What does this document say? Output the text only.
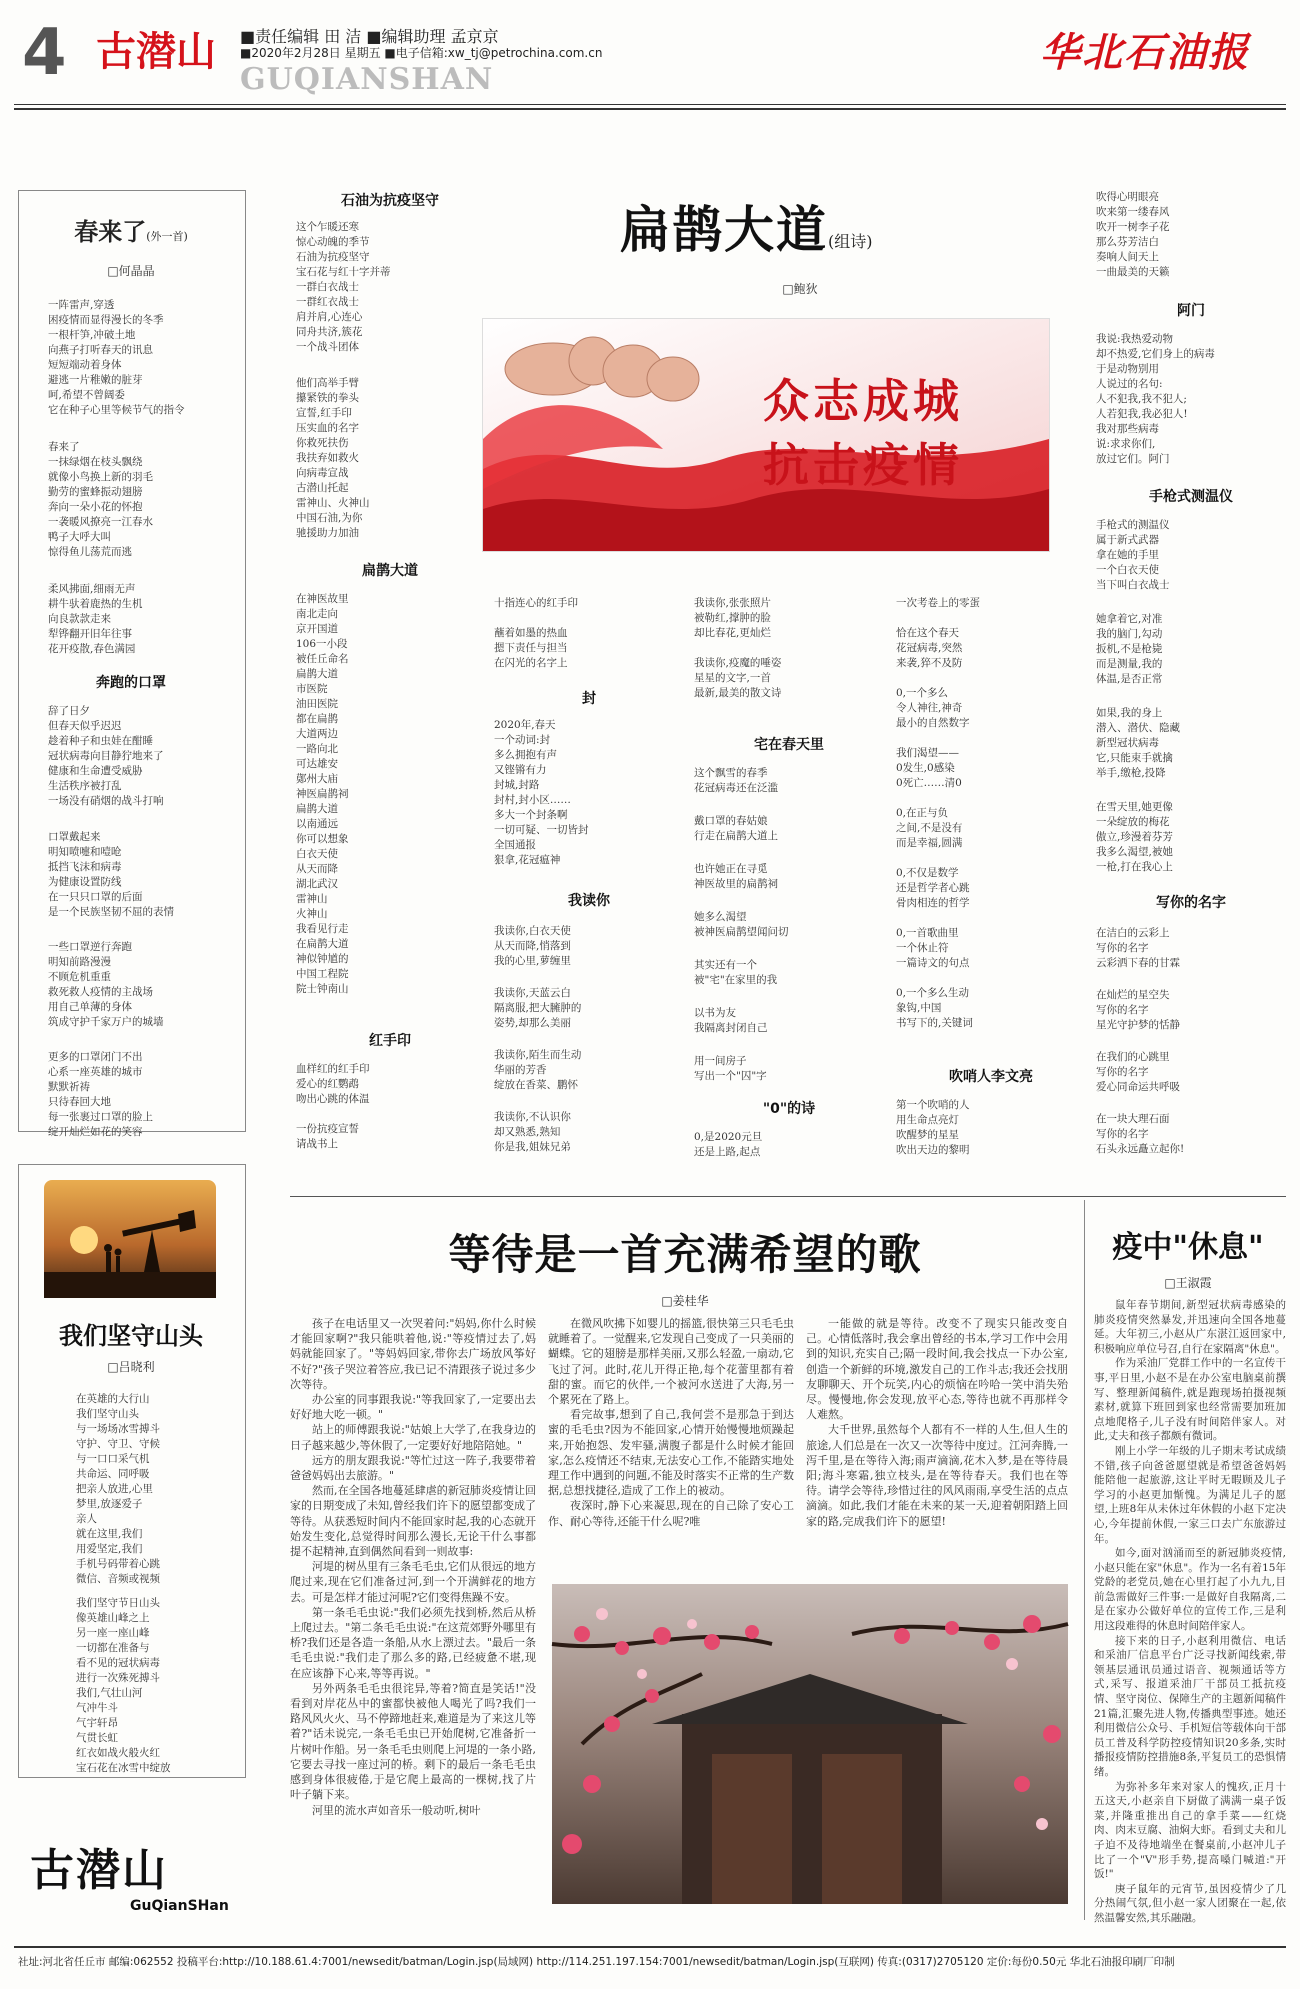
4 古潜山 ■责任编辑 田 洁 ■编辑助理 孟京京
■2020年2月28日 星期五 ■电子信箱:xw_tj@petrochina.com.cn
GUQIANSHAN
华北石油报
春来了(外一首)
□何晶晶
一阵雷声,穿透
困疫情而显得漫长的冬季
一根杆笋,冲破土地
向燕子打听春天的讯息
短短端动着身体
避逃一片稚嫩的脏芽
呵,希望不曾阔委
它在种子心里等候节气的指令
春来了
一抹绿烟在枝头飘绕
就像小鸟换上新的羽毛
勤劳的蜜蜂振动翅膀
奔向一朵小花的怀抱
一袭暖风撩亮一江春水
鸭子大呼大叫
惊得鱼儿荡荒而逃
柔风拂面,细雨无声
耕牛驮着鹿热的生机
向良款款走来
犁铧翻开旧年往事
花开疫散,春色满园
奔跑的口罩
辞了日夕
但春天似乎迟迟
趁着种子和虫娃在酣睡
冠状病毒向目静狞地来了
健康和生命遭受威胁
生活秩序被打乱
一场没有硝烟的战斗打响
口罩戴起来
明知喷嚏和噎呛
抵挡飞沫和病毒
为健康设置防线
在一只只口罩的后面
是一个民族坚韧不屈的表情
一些口罩逆行奔跑
明知前路漫漫
不顾危机重重
救死救人疫情的主战场
用自己单薄的身体
筑成守护千家万户的城墙
更多的口罩闭门不出
心系一座英雄的城市
默默祈祷
只待春回大地
每一张裹过口罩的脸上
绽开灿烂如花的笑容
我们坚守山头
□吕晓利
在英雄的大行山
我们坚守山头
与一场场冰雪搏斗
守护、守卫、守候
与一口口采气机
共命运、同呼吸
把亲人放进,心里
梦里,放逐爱子
亲人
就在这里,我们
用爱坚定,我们
手机号码带着心跳
微信、音频或视频
我们坚守节日山头
像英雄山峰之上
另一座一座山峰
一切都在准备与
看不见的冠状病毒
进行一次殊死搏斗
我们,气壮山河
气冲牛斗
气宇轩昂
气贯长虹
红衣如战火般火红
宝石花在冰雪中绽放
古潜山
GuQianSHan
石油为抗疫坚守
这个乍暖还寒
惊心动魄的季节
石油为抗疫坚守
宝石花与红十字并蒂
一群白衣战士
一群红衣战士
肩并肩,心连心
同舟共济,簇花
一个战斗团体
他们高举手臂
攥紧铁的拳头
宣誓,红手印
压实血的名字
你救死扶伤
我扶弃如救火
向病毒宣战
古潜山托起
雷神山、火神山
中国石油,为你
驰援助力加油
扁鹊大道(组诗)
□鲍狄
众志成城
抗击疫情
扁鹊大道
在神医故里
南北走向
京开国道
106一小段
被任丘命名
扁鹊大道
市医院
油田医院
都在扁鹊
大道两边
一路向北
可达雄安
鄚州大庙
神医扁鹊祠
扁鹊大道
以南通远
你可以想象
白衣天使
从天而降
湖北武汉
雷神山
火神山
我看见行走
在扁鹊大道
神似钟馗的
中国工程院
院士钟南山
红手印
血样红的红手印
爱心的红鹦鹉
吻出心跳的体温

一份抗疫宣誓
请战书上
十指连心的红手印

蘸着如墨的热血
摁下责任与担当
在闪光的名字上
封
2020年,春天
一个动词:封
多么拥抱有声
又铿锵有力
封城,封路
封村,封小区……
多大一个封条啊
一切可疑、一切皆封
全国通报
狠拿,花冠瘟神
我读你
我读你,白衣天使
从天而降,悄落到
我的心里,萝缠里
我读你,天蓝云白
隔离服,把大臃肿的
姿势,却那么美丽
我读你,陌生而生动
华丽的芳香
绽放在香菜、鹏怀
我读你,不认识你
却又熟悉,熟知
你是我,姐妹兄弟
我读你,张张照片
被勒红,撑肿的脸
却比春花,更灿烂

我读你,疫魔的唾姿
星星的文字,一首
最新,最美的散文诗
宅在春天里
这个飘雪的春季
花冠病毒还在泛滥
戴口罩的春姑娘
行走在扁鹊大道上
也许她正在寻觅
神医故里的扁鹊祠
她多么渴望
被神医扁鹊望闻问切
其实还有一个
被"宅"在家里的我
以书为友
我隔离封闭自己
用一间房子
写出一个"囚"字
"0"的诗
0,是2020元旦
还是上路,起点
一次考卷上的零蛋

恰在这个春天
花冠病毒,突然
来袭,猝不及防

0,一个多么
令人神往,神奇
最小的自然数字

我们渴望——
0发生,0感染
0死亡……清0

0,在正与负
之间,不是没有
而是幸福,圆满

0,不仅是数学
还是哲学者心跳
骨肉相连的哲学

0,一首歌曲里
一个休止符
一篇诗文的句点

0,一个多么生动
象钩,中国
书写下的,关键词
吹哨人李文亮
第一个吹哨的人
用生命点亮灯
吹醒梦的星星
吹出天边的黎明
吹得心明眼亮
吹来第一缕春风
吹开一树李子花
那么芬芳洁白
奏响人间天上
一曲最美的天籁
阿门
我说:我热爱动物
却不热爱,它们身上的病毒
于是动物别用
人说过的名句:
人不犯我,我不犯人;
人若犯我,我必犯人!
我对那些病毒
说:求求你们,
放过它们。阿门
手枪式测温仪
手枪式的测温仪
属于新式武器
拿在她的手里
一个白衣天使
当下叫白衣战士
她拿着它,对准
我的脑门,勾动
扳机,不是枪毙
而是测量,我的
体温,是否正常
如果,我的身上
潜入、潜伏、隐藏
新型冠状病毒
它,只能束手就擒
举手,缴枪,投降
在雪天里,她更像
一朵绽放的梅花
傲立,珍漫着芬芳
我多么渴望,被她
一枪,打在我心上
写你的名字
在洁白的云彩上
写你的名字
云彩洒下春的甘霖
在灿烂的星空失
写你的名字
星光守护梦的恬静
在我们的心跳里
写你的名字
爱心同命运共呼吸
在一块大理石面
写你的名字
石头永远矗立起你!
等待是一首充满希望的歌
□姜桂华

孩子在电话里又一次哭着问:"妈妈,你什么时候才能回家啊?"我只能哄着他,说:"等疫情过去了,妈妈就能回家了。"等妈妈回家,带你去广场放风筝好不好?"孩子哭泣着答应,我已记不清跟孩子说过多少次等待。

办公室的同事跟我说:"等我回家了,一定要出去好好地大吃一顿。"

站上的师傅跟我说:"姑娘上大学了,在我身边的日子越来越少,等休假了,一定要好好地陪陪她。"

远方的朋友跟我说:"等忙过这一阵子,我要带着爸爸妈妈出去旅游。"

然而,在全国各地蔓延肆虐的新冠肺炎疫情让回家的日期变成了未知,曾经我们许下的愿望都变成了等待。从获悉短时间内不能回家时起,我的心态就开始发生变化,总觉得时间那么漫长,无论干什么事都提不起精神,直到偶然间看到一则故事:

河堤的树丛里有三条毛毛虫,它们从很远的地方爬过来,现在它们准备过河,到一个开满鲜花的地方去。可是怎样才能过河呢?它们变得焦躁不安。

第一条毛毛虫说:"我们必须先找到桥,然后从桥上爬过去。"第二条毛毛虫说:"在这荒郊野外哪里有桥?我们还是各造一条船,从水上漂过去。"最后一条毛毛虫说:"我们走了那么多的路,已经疲惫不堪,现在应该静下心来,等等再说。"

另外两条毛毛虫很诧异,等着?简直是笑话!"没看到对岸花丛中的蜜都快被他人喝光了吗?我们一路风风火火、马不停蹄地赶来,难道是为了来这儿等着?"话未说完,一条毛毛虫已开始爬树,它准备折一片树叶作船。另一条毛毛虫则爬上河堤的一条小路,它要去寻找一座过河的桥。剩下的最后一条毛毛虫感到身体很疲倦,于是它爬上最高的一棵树,找了片叶子躺下来。

河里的流水声如音乐一般动听,树叶

在微风吹拂下如婴儿的摇篮,很快第三只毛毛虫就睡着了。一觉醒来,它发现自己变成了一只美丽的蝴蝶。它的翅膀是那样美丽,又那么轻盈,一扇动,它飞过了河。此时,花儿开得正艳,每个花蕾里都有着甜的蜜。而它的伙伴,一个被河水送进了大海,另一个累死在了路上。

看完故事,想到了自己,我何尝不是那急于到达蜜的毛毛虫?因为不能回家,心情开始慢慢地烦躁起来,开始抱怨、发牢骚,满腹子都是什么时候才能回家,怎么疫情还不结束,无法安心工作,不能踏实地处理工作中遇到的问题,不能及时落实不正常的生产数据,总想找捷径,造成了工作上的被动。

夜深时,静下心来凝思,现在的自己除了安心工作、耐心等待,还能干什么呢?唯

一能做的就是等待。改变不了现实只能改变自己。心情低落时,我会拿出曾经的书本,学习工作中会用到的知识,充实自己;隔一段时间,我会找点一下办公室,创造一个新鲜的环境,激发自己的工作斗志;我还会找朋友聊聊天、开个玩笑,内心的烦恼在吟哈一笑中消失殆尽。慢慢地,你会发现,放平心态,等待也就不再那样令人难熬。

大千世界,虽然每个人都有不一样的人生,但人生的旅途,人们总是在一次又一次等待中度过。江河奔腾,一泻千里,是在等待入海;雨声滴滴,花木入梦,是在等待晨阳;海斗寒霜,独立枝头,是在等待春天。我们也在等待。请学会等待,珍惜过往的风风雨雨,享受生活的点点滴滴。如此,我们才能在未来的某一天,迎着朝阳踏上回家的路,完成我们许下的愿望!

疫中"休息"
□王淑霞

鼠年春节期间,新型冠状病毒感染的肺炎疫情突然暴发,并迅速向全国各地蔓延。大年初三,小赵从广东湛江返回家中,积极响应单位号召,自行在家隔离"休息"。

作为采油厂党群工作中的一名宣传干事,平日里,小赵不是在办公室电脑桌前撰写、整理新闻稿件,就是跑现场拍摄视频素材,就算下班回到家也经常需要加班加点地爬格子,儿子没有时间陪伴家人。对此,丈夫和孩子都颇有微词。

刚上小学一年级的儿子期末考试成绩不错,孩子向爸爸愿望就是希望爸爸妈妈能陪他一起旅游,这让平时无暇顾及儿子学习的小赵更加惭愧。为满足儿子的愿望,上班8年从未休过年休假的小赵下定决心,今年提前休假,一家三口去广东旅游过年。

如今,面对汹涌而至的新冠肺炎疫情,小赵只能在家"休息"。作为一名有着15年党龄的老党员,她在心里打起了小九九,目前急需做好三件事:一是做好自我隔离,二是在家办公做好单位的宣传工作,三是利用这段难得的休息时间陪伴家人。

接下来的日子,小赵利用微信、电话和采油厂信息平台广泛寻找新闻线索,带领基层通讯员通过语音、视频通话等方式,采写、报道采油厂干部员工抵抗疫情、坚守岗位、保障生产的主题新闻稿件21篇,汇聚先进人物,传播典型事迹。她还利用微信公众号、手机短信等载体向干部员工普及科学防控疫情知识20多条,实时播报疫情防控措施8条,平复员工的恐惧情绪。

为弥补多年来对家人的愧疚,正月十五这天,小赵亲自下厨做了满满一桌子饭菜,并隆重推出自己的拿手菜——红烧肉、肉末豆腐、油焖大虾。看到丈夫和儿子迫不及待地端坐在餐桌前,小赵冲儿子比了一个"V"形手势,提高嗓门喊道:"开饭!"

庚子鼠年的元宵节,虽因疫情少了几分热闹气氛,但小赵一家人团聚在一起,依然温馨安然,其乐融融。

社址:河北省任丘市 邮编:062552 投稿平台:http://10.188.61.4:7001/newsedit/batman/Login.jsp(局域网) http://114.251.197.154:7001/newsedit/batman/Login.jsp(互联网) 传真:(0317)2705120 定价:每份0.50元 华北石油报印刷厂印制
